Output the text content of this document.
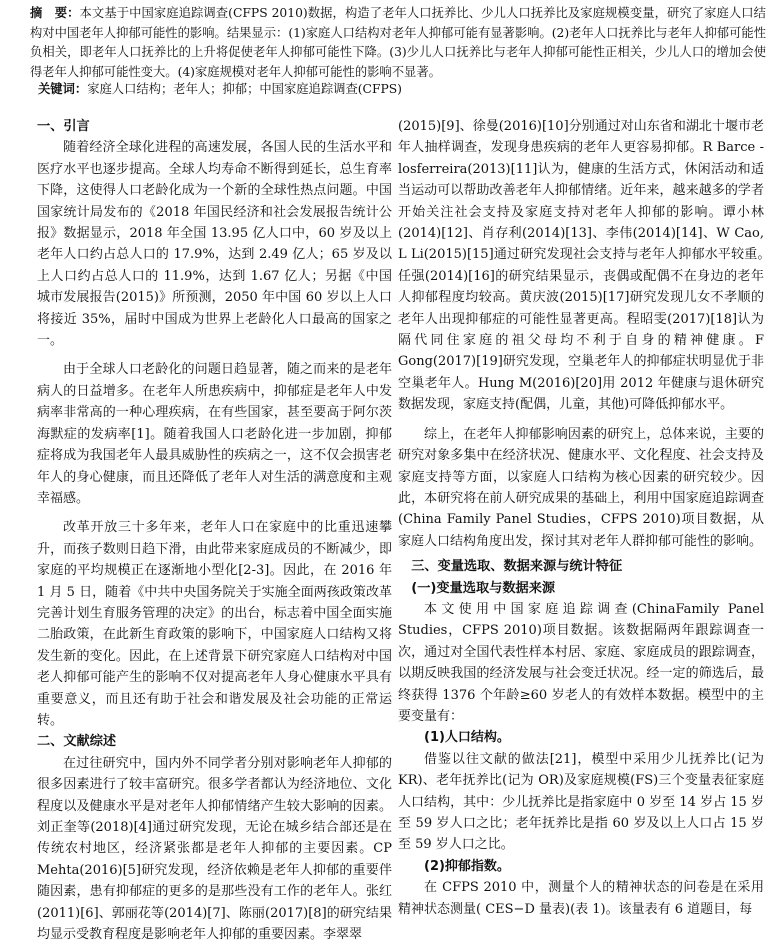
摘　要：本文基于中国家庭追踪调查(CFPS 2010)数据，构造了老年人口抚养比、少儿人口抚养比及家庭规模变量，研究了家庭人口结构对中国老年人抑郁可能性的影响。结果显示：(1)家庭人口结构对老年人抑郁可能有显著影响。(2)老年人口抚养比与老年人抑郁可能性负相关，即老年人口抚养比的上升将促使老年人抑郁可能性下降。(3)少儿人口抚养比与老年人抑郁可能性正相关，少儿人口的增加会使得老年人抑郁可能性变大。(4)家庭规模对老年人抑郁可能性的影响不显著。
关键词：家庭人口结构；老年人；抑郁；中国家庭追踪调查(CFPS)
一、引言

随着经济全球化进程的高速发展，各国人民的生活水平和医疗水平也逐步提高。全球人均寿命不断得到延长，总生育率下降，这使得人口老龄化成为一个新的全球性热点问题。中国国家统计局发布的《2018 年国民经济和社会发展报告统计公报》数据显示，2018 年全国 13.95 亿人口中，60 岁及以上老年人口约占总人口的 17.9%，达到 2.49 亿人；65 岁及以上人口约占总人口的 11.9%，达到 1.67 亿人；另据《中国城市发展报告(2015)》所预测，2050 年中国 60 岁以上人口将接近 35%，届时中国成为世界上老龄化人口最高的国家之一。

由于全球人口老龄化的问题日趋显著，随之而来的是老年病人的日益增多。在老年人所患疾病中，抑郁症是老年人中发病率非常高的一种心理疾病，在有些国家，甚至要高于阿尔茨海默症的发病率[1]。随着我国人口老龄化进一步加剧，抑郁症将成为我国老年人最具威胁性的疾病之一，这不仅会损害老年人的身心健康，而且还降低了老年人对生活的满意度和主观幸福感。

改革开放三十多年来，老年人口在家庭中的比重迅速攀升，而孩子数则日趋下滑，由此带来家庭成员的不断减少，即家庭的平均规模正在逐渐地小型化[2-3]。因此，在 2016 年 1 月 5 日，随着《中共中央国务院关于实施全面两孩政策改革完善计划生育服务管理的决定》的出台，标志着中国全面实施二胎政策，在此新生育政策的影响下，中国家庭人口结构又将发生新的变化。因此，在上述背景下研究家庭人口结构对中国老人抑郁可能产生的影响不仅对提高老年人身心健康水平具有重要意义，而且还有助于社会和谐发展及社会功能的正常运转。

二、文献综述

在过往研究中，国内外不同学者分别对影响老年人抑郁的很多因素进行了较丰富研究。很多学者都认为经济地位、文化程度以及健康水平是对老年人抑郁情绪产生较大影响的因素。刘正奎等(2018)[4]通过研究发现，无论在城乡结合部还是在传统农村地区，经济紧张都是老年人抑郁的主要因素。CP Mehta(2016)[5]研究发现，经济依赖是老年人抑郁的重要伴随因素，患有抑郁症的更多的是那些没有工作的老年人。张红(2011)[6]、郭丽花等(2014)[7]、陈丽(2017)[8]的研究结果均显示受教育程度是影响老年人抑郁的重要因素。李翠翠

(2015)[9]、徐曼(2016)[10]分别通过对山东省和湖北十堰市老年人抽样调查，发现身患疾病的老年人更容易抑郁。R Barce - losferreira(2013)[11]认为，健康的生活方式，休闲活动和适当运动可以帮助改善老年人抑郁情绪。近年来，越来越多的学者开始关注社会支持及家庭支持对老年人抑郁的影响。谭小林(2014)[12]、肖存利(2014)[13]、李伟(2014)[14]、W Cao, L Li(2015)[15]通过研究发现社会支持与老年人抑郁水平较重。　任强(2014)[16]的研究结果显示，丧偶或配偶不在身边的老年人抑郁程度均较高。黄庆波(2015)[17]研究发现儿女不孝顺的老年人出现抑郁症的可能性显著更高。程昭雯(2017)[18]认为隔代同住家庭的祖父母均不利于自身的精神健康。F Gong(2017)[19]研究发现，空巢老年人的抑郁症状明显优于非空巢老年人。Hung M(2016)[20]用 2012 年健康与退休研究数据发现，家庭支持(配偶，儿童，其他)可降低抑郁水平。

综上，在老年人抑郁影响因素的研究上，总体来说，主要的研究对象多集中在经济状况、健康水平、文化程度、社会支持及家庭支持等方面，以家庭人口结构为核心因素的研究较少。因此，本研究将在前人研究成果的基础上，利用中国家庭追踪调查(China Family Panel Studies，CFPS 2010)项目数据，从家庭人口结构角度出发，探讨其对老年人群抑郁可能性的影响。

三、变量选取、数据来源与统计特征
(一)变量选取与数据来源

本文使用中国家庭追踪调查(ChinaFamily Panel Studies，CFPS 2010)项目数据。该数据隔两年跟踪调查一次，通过对全国代表性样本村居、家庭、家庭成员的跟踪调查，以期反映我国的经济发展与社会变迁状况。经一定的筛选后，最终获得 1376 个年龄≥60 岁老人的有效样本数据。模型中的主要变量有：

(1)人口结构。

借鉴以往文献的做法[21]，模型中采用少儿抚养比(记为 KR)、老年抚养比(记为 OR)及家庭规模(FS)三个变量表征家庭人口结构，其中：少儿抚养比是指家庭中 0 岁至 14 岁占 15 岁至 59 岁人口之比；老年抚养比是指 60 岁及以上人口占 15 岁至 59 岁人口之比。

(2)抑郁指数。

在 CFPS 2010 中，测量个人的精神状态的问卷是在采用精神状态测量( CES−D 量表)(表 1)。该量表有 6 道题目，每
